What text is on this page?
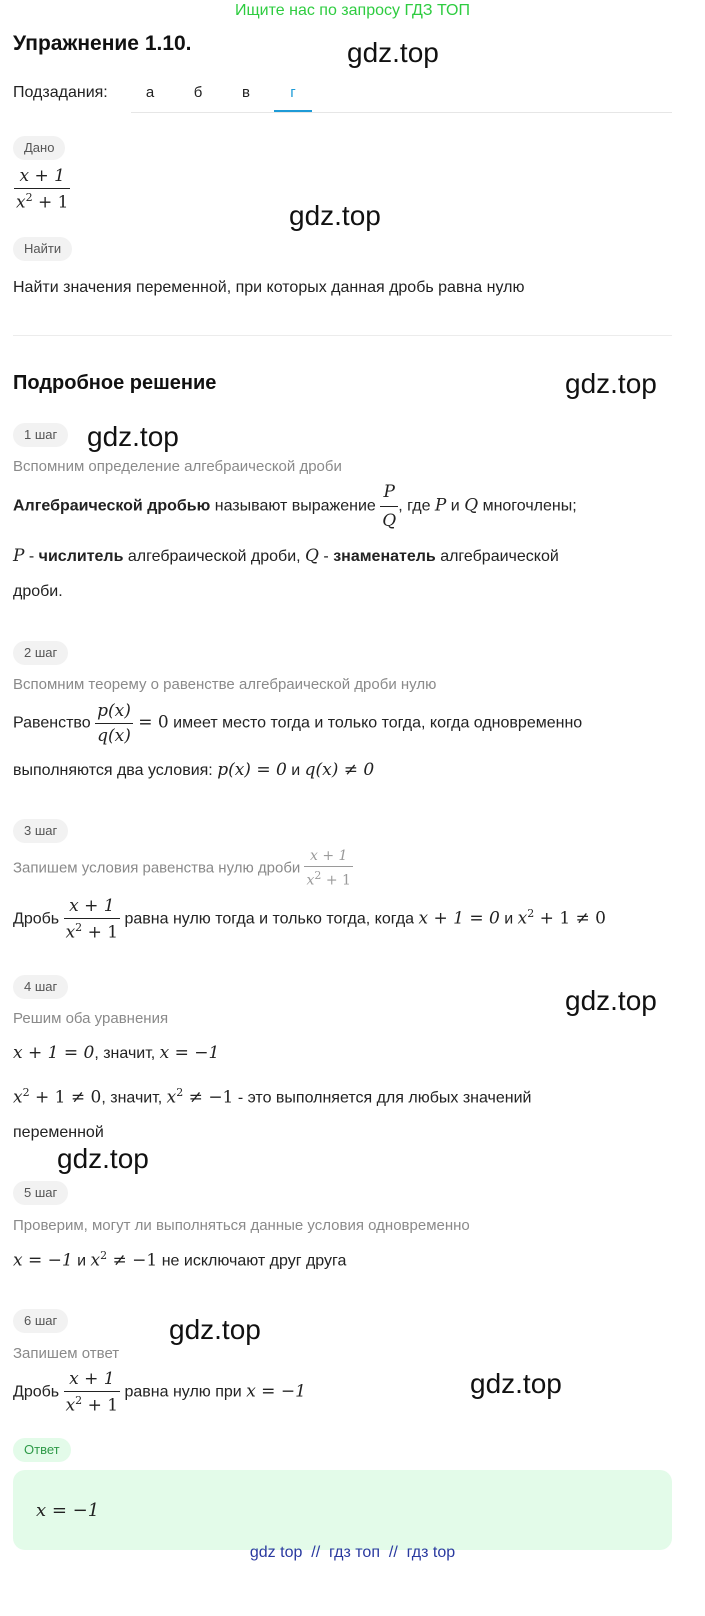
Ищите нас по запросу ГДЗ ТОП
Упражнение 1.10.	gdz.top
gdz.top
gdz.top
gdz.top
gdz.top
gdz.top
gdz.top
gdz.top
Подзадания:	а	б	в	г
Дано
$\frac{x + 1}{x^2 + 1}$
Найти
Найти значения переменной, при которых данная дробь равна нулю
Подробное решение
1 шаг
Вспомним определение алгебраической дроби
Алгебраической дробью называют выражение $\frac{P}{Q}$ , где P и Q многочлены;
P - числитель алгебраической дроби, Q - знаменатель алгебраической
дроби.
2 шаг
Вспомним теорему о равенстве алгебраической дроби нулю
Равенство $\frac{p(x)}{q(x)} = 0$ имеет место тогда и только тогда, когда одновременно
выполняются два условия: p(x) = 0 и q(x) ≠ 0
3 шаг
Запишем условия равенства нулю дроби $\frac{x + 1}{x^2 + 1}$
Дробь $\frac{x + 1}{x^2 + 1}$ равна нулю тогда и только тогда, когда x + 1 = 0 и $x^2 + 1 \ne 0$
4 шаг
Решим оба уравнения
x + 1 = 0, значит, x = −1
$x^2 + 1 \ne 0$, значит, $x^2 \ne -1$ - это выполняется для любых значений
переменной
5 шаг
Проверим, могут ли выполняться данные условия одновременно
x = −1 и $x^2 \ne -1$ не исключают друг друга
6 шаг
Запишем ответ
Дробь $\frac{x + 1}{x^2 + 1}$ равна нулю при x = −1
Ответ
x = −1
gdz top  //  гдз топ  //  гдз top
